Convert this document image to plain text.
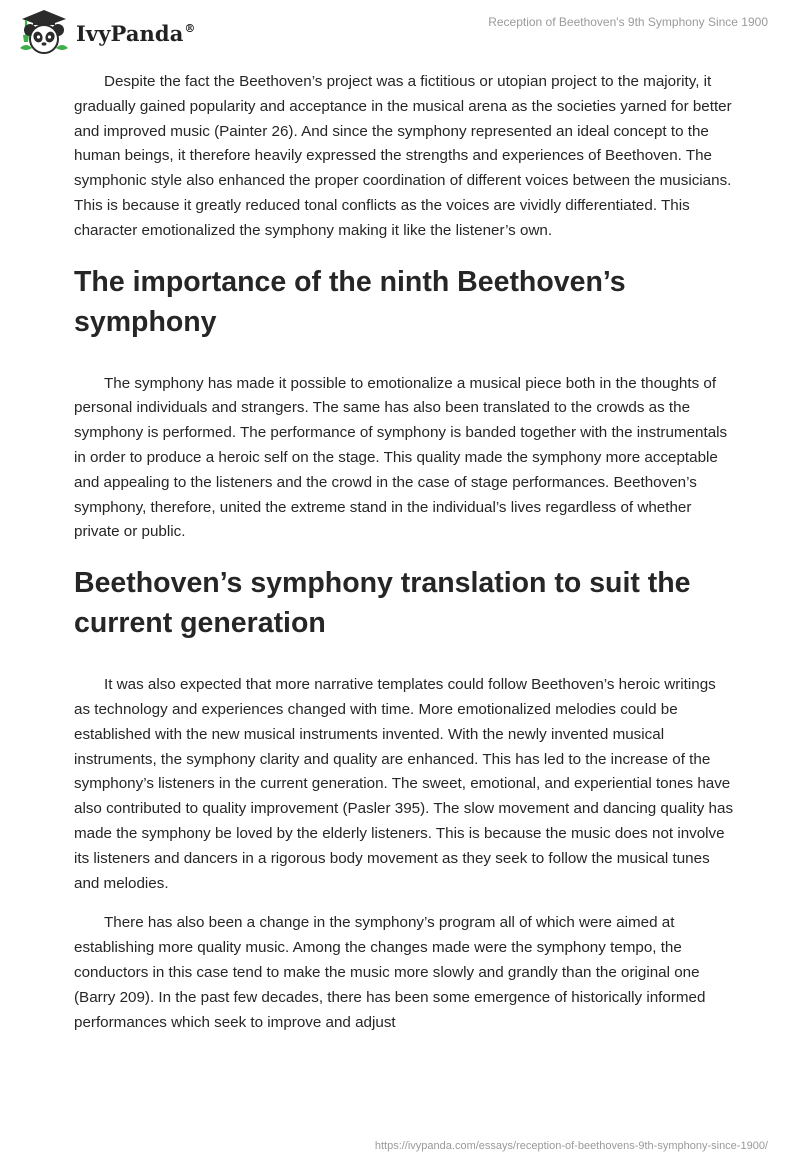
IvyPanda®	Reception of Beethoven's 9th Symphony Since 1900

Despite the fact the Beethoven’s project was a fictitious or utopian project to the majority, it gradually gained popularity and acceptance in the musical arena as the societies yarned for better and improved music (Painter 26). And since the symphony represented an ideal concept to the human beings, it therefore heavily expressed the strengths and experiences of Beethoven. The symphonic style also enhanced the proper coordination of different voices between the musicians. This is because it greatly reduced tonal conflicts as the voices are vividly differentiated. This character emotionalized the symphony making it like the listener’s own.

The importance of the ninth Beethoven’s symphony

The symphony has made it possible to emotionalize a musical piece both in the thoughts of personal individuals and strangers. The same has also been translated to the crowds as the symphony is performed. The performance of symphony is banded together with the instrumentals in order to produce a heroic self on the stage. This quality made the symphony more acceptable and appealing to the listeners and the crowd in the case of stage performances. Beethoven’s symphony, therefore, united the extreme stand in the individual’s lives regardless of whether private or public.

Beethoven’s symphony translation to suit the current generation

It was also expected that more narrative templates could follow Beethoven’s heroic writings as technology and experiences changed with time. More emotionalized melodies could be established with the new musical instruments invented. With the newly invented musical instruments, the symphony clarity and quality are enhanced. This has led to the increase of the symphony’s listeners in the current generation. The sweet, emotional, and experiential tones have also contributed to quality improvement (Pasler 395). The slow movement and dancing quality has made the symphony be loved by the elderly listeners. This is because the music does not involve its listeners and dancers in a rigorous body movement as they seek to follow the musical tunes and melodies.

There has also been a change in the symphony’s program all of which were aimed at establishing more quality music. Among the changes made were the symphony tempo, the conductors in this case tend to make the music more slowly and grandly than the original one (Barry 209). In the past few decades, there has been some emergence of historically informed performances which seek to improve and adjust

https://ivypanda.com/essays/reception-of-beethovens-9th-symphony-since-1900/
